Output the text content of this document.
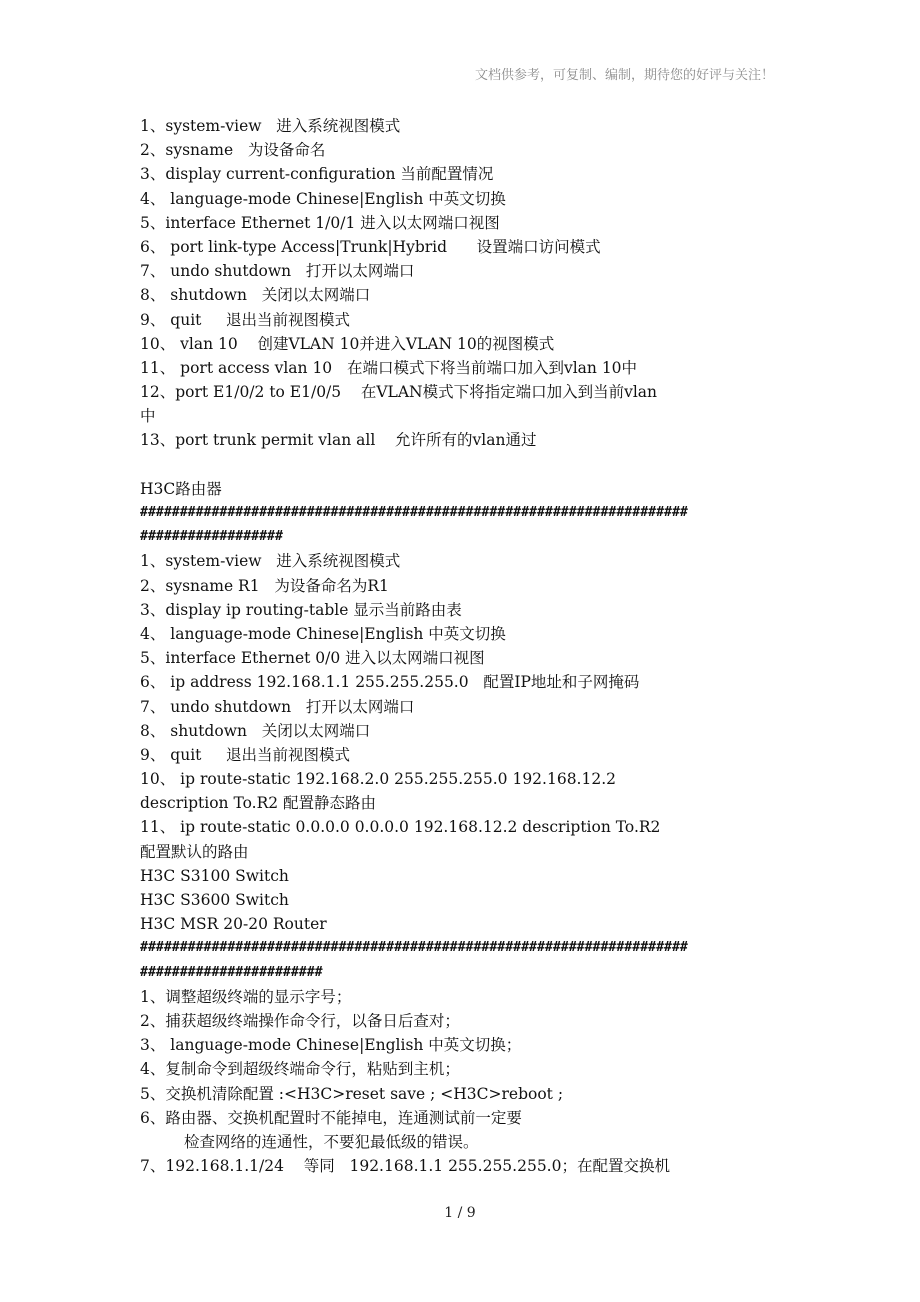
文档供参考，可复制、编制，期待您的好评与关注！
1、system-view   进入系统视图模式
2、sysname   为设备命名
3、display current-configuration 当前配置情况
4、 language-mode Chinese|English 中英文切换
5、interface Ethernet 1/0/1 进入以太网端口视图
6、 port link-type Access|Trunk|Hybrid      设置端口访问模式
7、 undo shutdown   打开以太网端口
8、 shutdown   关闭以太网端口
9、 quit     退出当前视图模式
10、 vlan 10    创建VLAN 10并进入VLAN 10的视图模式
11、 port access vlan 10   在端口模式下将当前端口加入到vlan 10中
12、port E1/0/2 to E1/0/5    在VLAN模式下将指定端口加入到当前vlan
中
13、port trunk permit vlan all    允许所有的vlan通过
H3C路由器
#####################################################################
##################
1、system-view   进入系统视图模式
2、sysname R1   为设备命名为R1
3、display ip routing-table 显示当前路由表
4、 language-mode Chinese|English 中英文切换
5、interface Ethernet 0/0 进入以太网端口视图
6、 ip address 192.168.1.1 255.255.255.0   配置IP地址和子网掩码
7、 undo shutdown   打开以太网端口
8、 shutdown   关闭以太网端口
9、 quit     退出当前视图模式
10、 ip route-static 192.168.2.0 255.255.255.0 192.168.12.2
description To.R2 配置静态路由
11、 ip route-static 0.0.0.0 0.0.0.0 192.168.12.2 description To.R2
配置默认的路由
H3C S3100 Switch
H3C S3600 Switch
H3C MSR 20-20 Router
#####################################################################
#######################
1、调整超级终端的显示字号；
2、捕获超级终端操作命令行，以备日后查对；
3、 language-mode Chinese|English 中英文切换；
4、复制命令到超级终端命令行，粘贴到主机；
5、交换机清除配置 :<H3C>reset save ; <H3C>reboot ;
6、路由器、交换机配置时不能掉电，连通测试前一定要
检查网络的连通性，不要犯最低级的错误。
7、192.168.1.1/24    等同   192.168.1.1 255.255.255.0；在配置交换机
1 / 9
